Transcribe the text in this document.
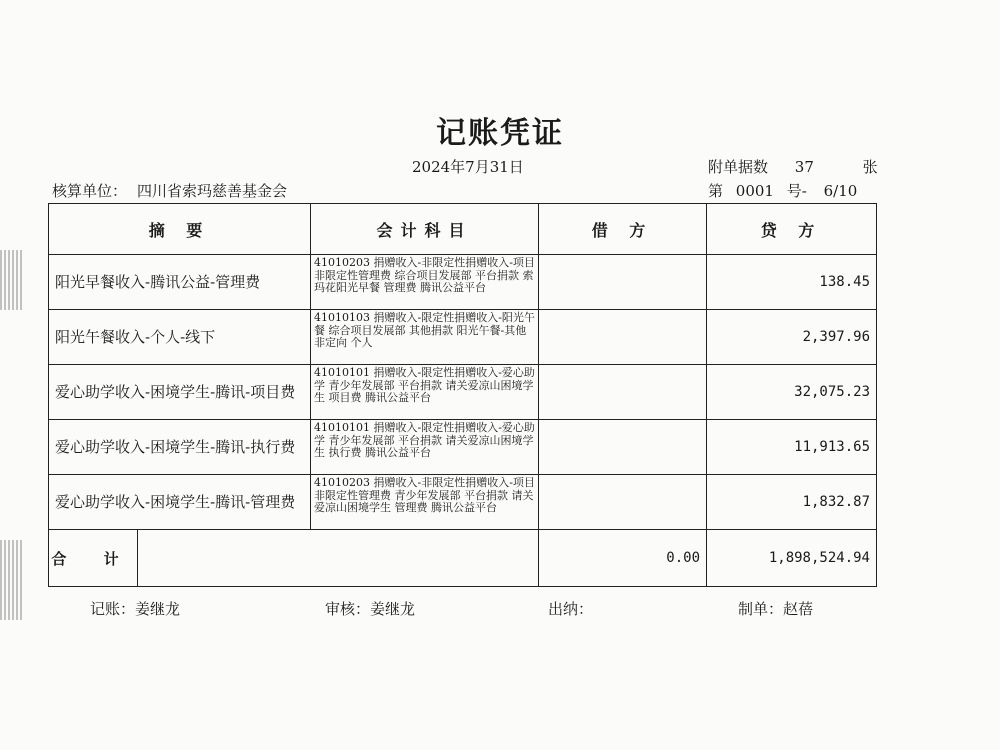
记账凭证
2024年7月31日	附单据数 37	张
核算单位： 四川省索玛慈善基金会	第 0001 号- 6/10
摘 要	会计科目	借 方	贷 方
阳光早餐收入-腾讯公益-管理费	41010203 捐赠收入-非限定性捐赠收入-项目非限定性管理费 综合项目发展部 平台捐款 索玛花阳光早餐 管理费 腾讯公益平台		138.45
阳光午餐收入-个人-线下	41010103 捐赠收入-限定性捐赠收入-阳光午餐 综合项目发展部 其他捐款 阳光午餐-其他 非定向 个人		2,397.96
爱心助学收入-困境学生-腾讯-项目费	41010101 捐赠收入-限定性捐赠收入-爱心助学 青少年发展部 平台捐款 请关爱凉山困境学生 项目费 腾讯公益平台		32,075.23
爱心助学收入-困境学生-腾讯-执行费	41010101 捐赠收入-限定性捐赠收入-爱心助学 青少年发展部 平台捐款 请关爱凉山困境学生 执行费 腾讯公益平台		11,913.65
爱心助学收入-困境学生-腾讯-管理费	41010203 捐赠收入-非限定性捐赠收入-项目非限定性管理费 青少年发展部 平台捐款 请关爱凉山困境学生 管理费 腾讯公益平台		1,832.87

合 计		0.00	1,898,524.94
记账：姜继龙	审核：姜继龙	出纳：	制单：赵蓓
